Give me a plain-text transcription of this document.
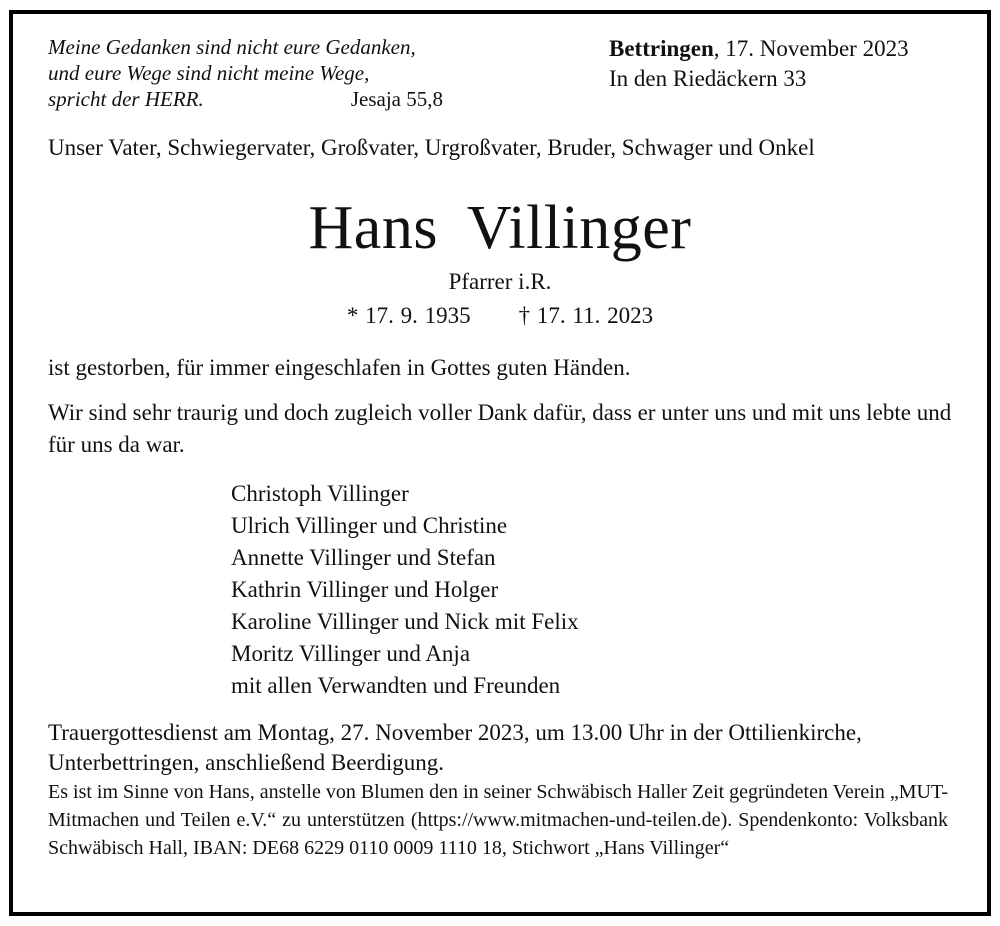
Meine Gedanken sind nicht eure Gedanken,
und eure Wege sind nicht meine Wege,
spricht der HERR.	Jesaja 55,8
Bettringen, 17. November 2023
In den Riedäckern 33
Unser Vater, Schwiegervater, Großvater, Urgroßvater, Bruder, Schwager und Onkel
Hans Villinger
Pfarrer i.R.
* 17. 9. 1935 † 17. 11. 2023
ist gestorben, für immer eingeschlafen in Gottes guten Händen.
Wir sind sehr traurig und doch zugleich voller Dank dafür, dass er unter uns und mit uns lebte und für uns da war.
Christoph Villinger
Ulrich Villinger und Christine
Annette Villinger und Stefan
Kathrin Villinger und Holger
Karoline Villinger und Nick mit Felix
Moritz Villinger und Anja
mit allen Verwandten und Freunden
Trauergottesdienst am Montag, 27. November 2023, um 13.00 Uhr in der Ottilienkirche, Unterbettringen, anschließend Beerdigung.
Es ist im Sinne von Hans, anstelle von Blumen den in seiner Schwäbisch Haller Zeit gegründeten Verein „MUT-Mitmachen und Teilen e.V.“ zu unterstützen (https://www.mitmachen-und-teilen.de). Spendenkonto: Volksbank Schwäbisch Hall, IBAN: DE68 6229 0110 0009 1110 18, Stichwort „Hans Villinger“
